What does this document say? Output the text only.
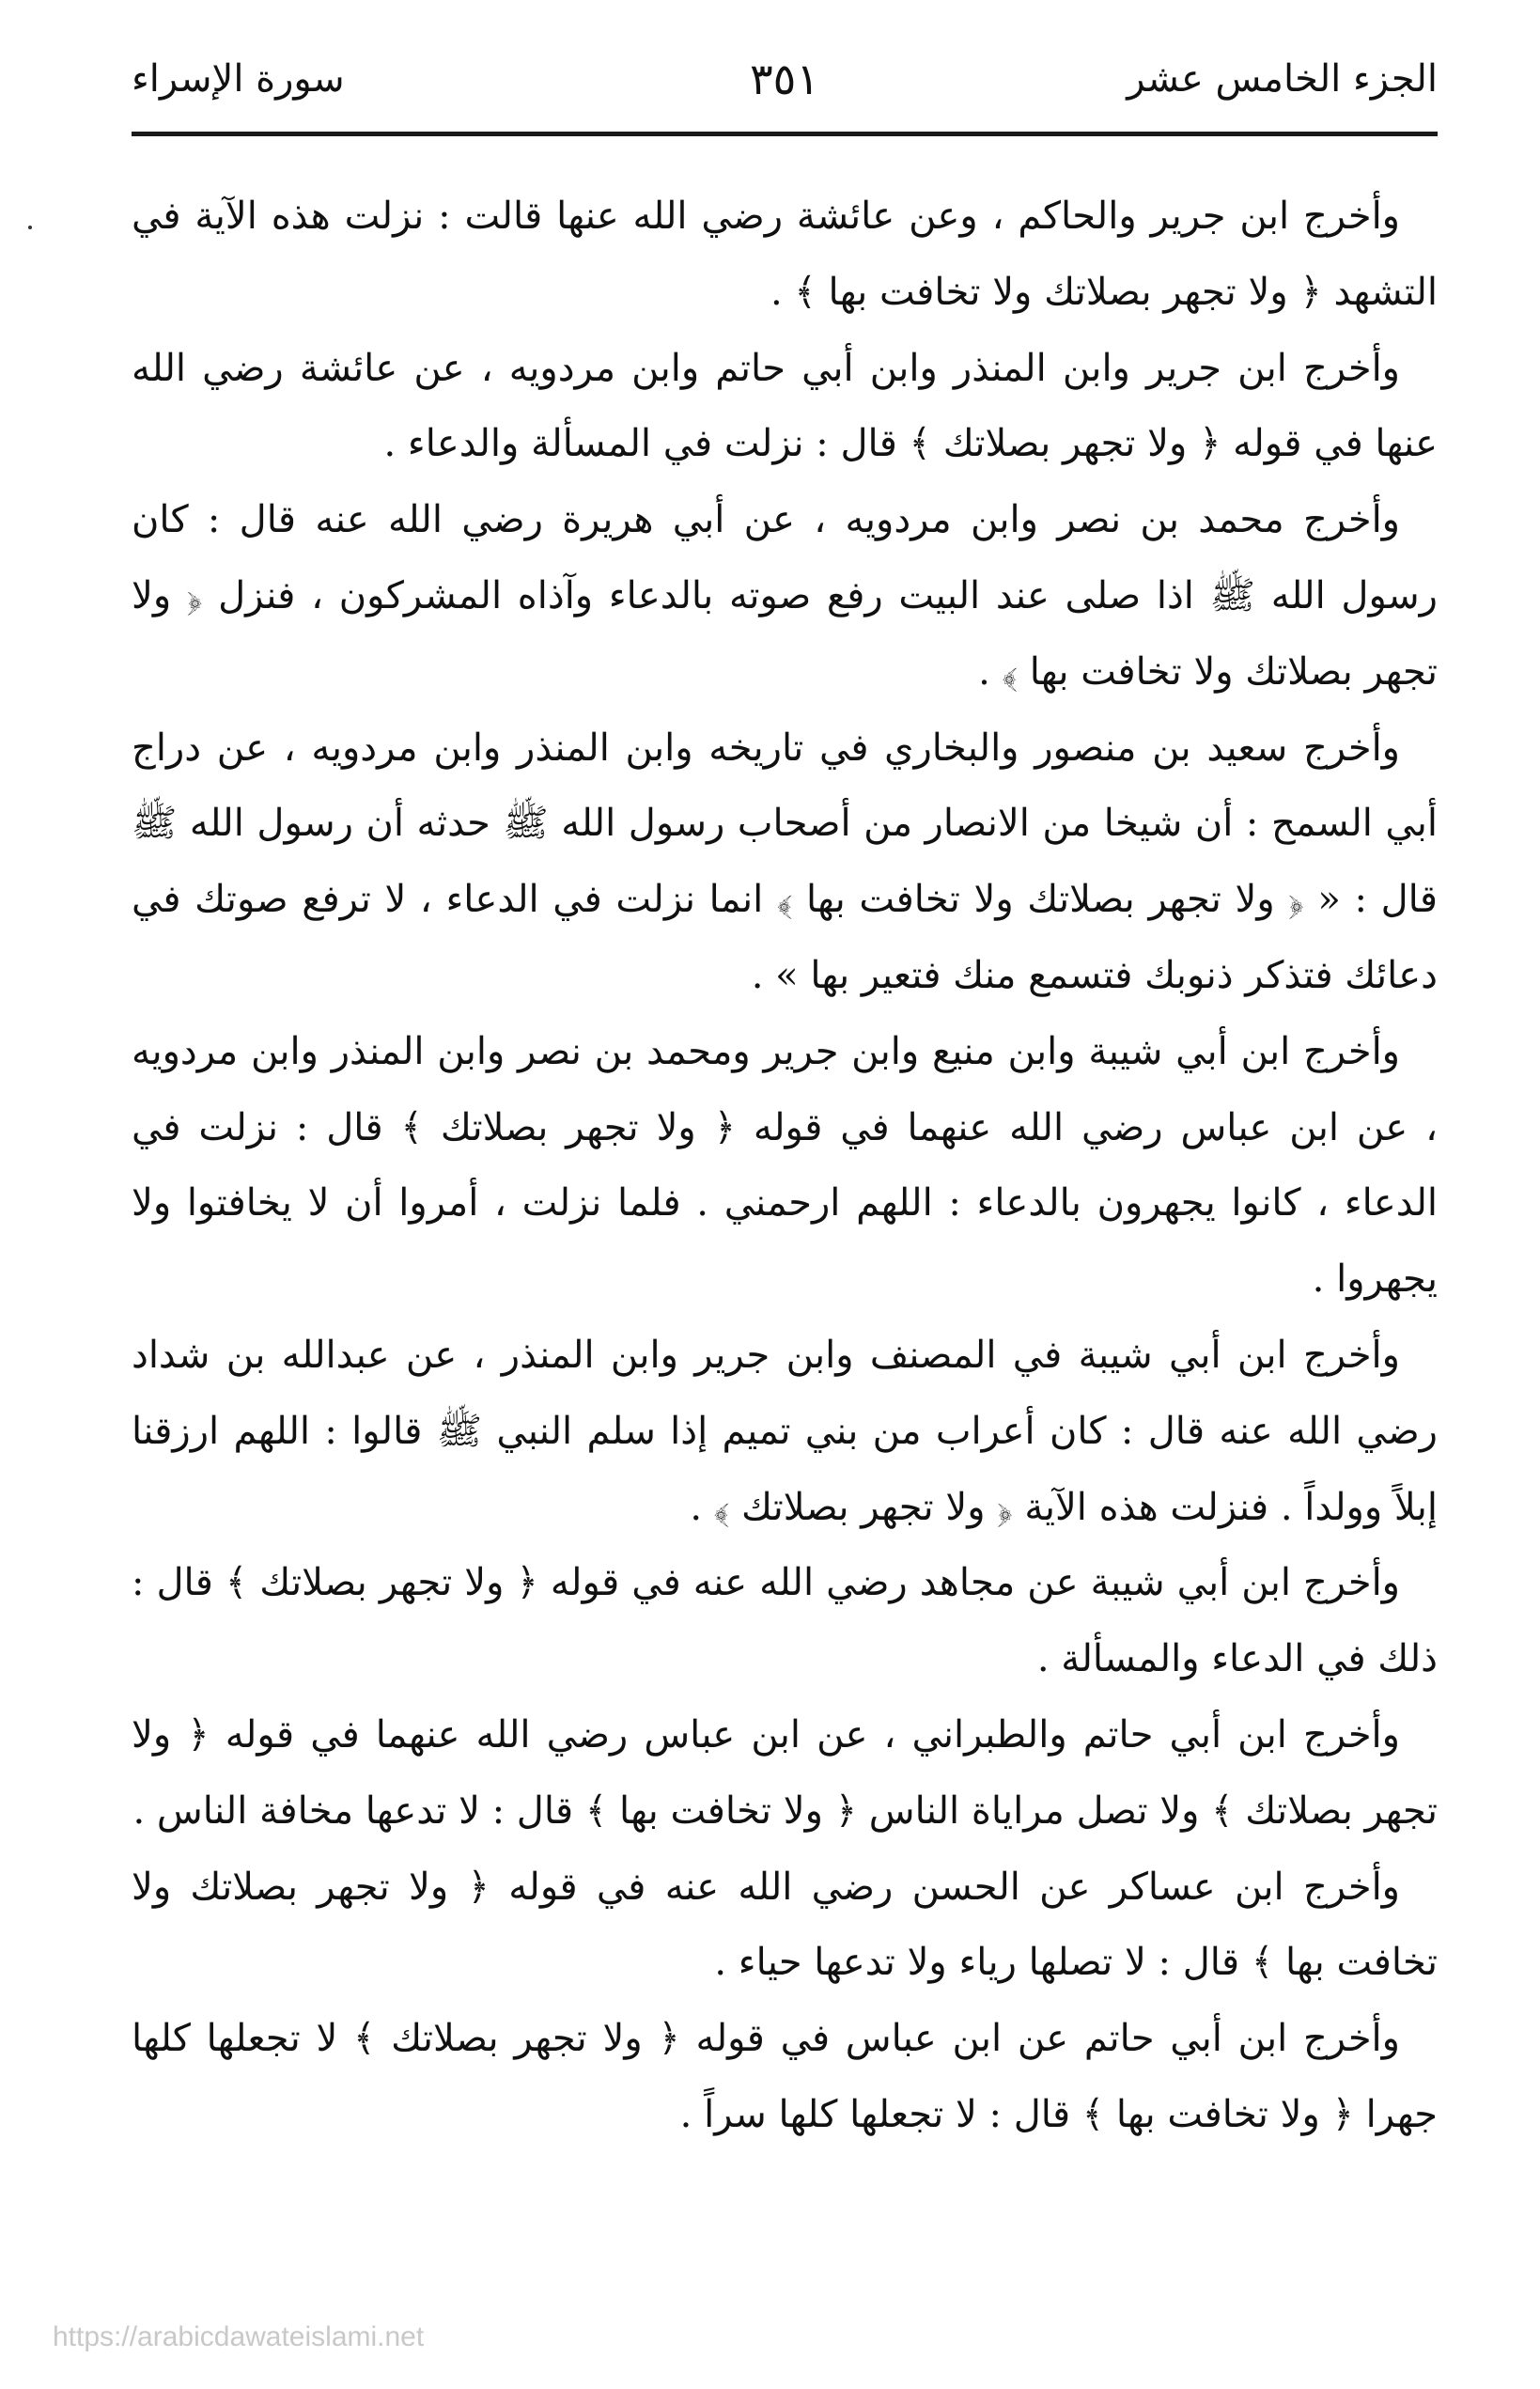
الجزء الخامس عشر
٣٥١
سورة الإسراء

وأخرج ابن جرير والحاكم ، وعن عائشة رضي الله عنها قالت : نزلت هذه الآية في التشهد ﴿ ولا تجهر بصلاتك ولا تخافت بها ﴾ .

وأخرج ابن جرير وابن المنذر وابن أبي حاتم وابن مردويه ، عن عائشة رضي الله عنها في قوله ﴿ ولا تجهر بصلاتك ﴾ قال : نزلت في المسألة والدعاء .

وأخرج محمد بن نصر وابن مردويه ، عن أبي هريرة رضي الله عنه قال : كان رسول الله ﷺ اذا صلى عند البيت رفع صوته بالدعاء وآذاه المشركون ، فنزل ﴿ ولا تجهر بصلاتك ولا تخافت بها ﴾ .

وأخرج سعيد بن منصور والبخاري في تاريخه وابن المنذر وابن مردويه ، عن دراج أبي السمح : أن شيخا من الانصار من أصحاب رسول الله ﷺ حدثه أن رسول الله ﷺ قال : « ﴿ ولا تجهر بصلاتك ولا تخافت بها ﴾ انما نزلت في الدعاء ، لا ترفع صوتك في دعائك فتذكر ذنوبك فتسمع منك فتعير بها » .

وأخرج ابن أبي شيبة وابن منيع وابن جرير ومحمد بن نصر وابن المنذر وابن مردويه ، عن ابن عباس رضي الله عنهما في قوله ﴿ ولا تجهر بصلاتك ﴾ قال : نزلت في الدعاء ، كانوا يجهرون بالدعاء : اللهم ارحمني . فلما نزلت ، أمروا أن لا يخافتوا ولا يجهروا .

وأخرج ابن أبي شيبة في المصنف وابن جرير وابن المنذر ، عن عبدالله بن شداد رضي الله عنه قال : كان أعراب من بني تميم إذا سلم النبي ﷺ قالوا : اللهم ارزقنا إبلاً وولداً . فنزلت هذه الآية ﴿ ولا تجهر بصلاتك ﴾ .

وأخرج ابن أبي شيبة عن مجاهد رضي الله عنه في قوله ﴿ ولا تجهر بصلاتك ﴾ قال : ذلك في الدعاء والمسألة .

وأخرج ابن أبي حاتم والطبراني ، عن ابن عباس رضي الله عنهما في قوله ﴿ ولا تجهر بصلاتك ﴾ ولا تصل مراياة الناس ﴿ ولا تخافت بها ﴾ قال : لا تدعها مخافة الناس .

وأخرج ابن عساكر عن الحسن رضي الله عنه في قوله ﴿ ولا تجهر بصلاتك ولا تخافت بها ﴾ قال : لا تصلها رياء ولا تدعها حياء .

وأخرج ابن أبي حاتم عن ابن عباس في قوله ﴿ ولا تجهر بصلاتك ﴾ لا تجعلها كلها جهرا ﴿ ولا تخافت بها ﴾ قال : لا تجعلها كلها سراً .

https://arabicdawateislami.net
